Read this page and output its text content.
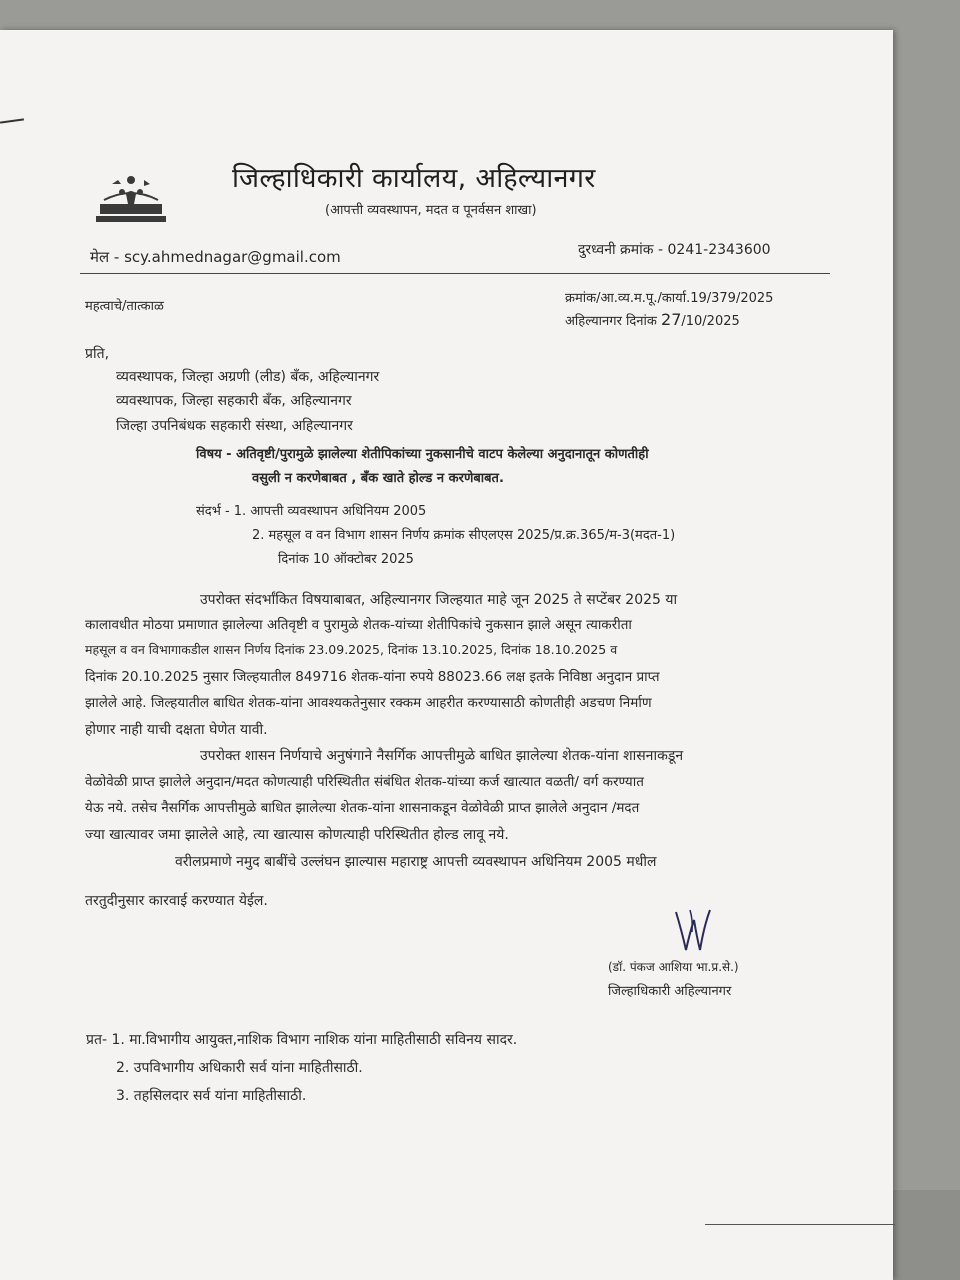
जिल्हाधिकारी कार्यालय, अहिल्यानगर
(आपत्ती व्यवस्थापन, मदत व पूनर्वसन शाखा)
मेल - scy.ahmednagar@gmail.com	दुरध्वनी क्रमांक - 0241-2343600
महत्वाचे/तात्काळ
क्रमांक/आ.व्य.म.पू./कार्या.19/379/2025
अहिल्यानगर दिनांक 27/10/2025
प्रति,
व्यवस्थापक, जिल्हा अग्रणी (लीड) बँक, अहिल्यानगर
व्यवस्थापक, जिल्हा सहकारी बँक, अहिल्यानगर
जिल्हा उपनिबंधक सहकारी संस्था, अहिल्यानगर
विषय - अतिवृष्टी/पुरामुळे झालेल्या शेतीपिकांच्या नुकसानीचे वाटप केलेल्या अनुदानातून कोणतीही
वसुली न करणेबाबत , बँक खाते होल्ड न करणेबाबत.
संदर्भ - 1. आपत्ती व्यवस्थापन अधिनियम 2005
2. महसूल व वन विभाग शासन निर्णय क्रमांक सीएलएस 2025/प्र.क्र.365/म-3(मदत-1)
दिनांक 10 ऑक्टोबर 2025
उपरोक्त संदर्भांकित विषयाबाबत, अहिल्यानगर जिल्हयात माहे जून 2025 ते सप्टेंबर 2025 या
कालावधीत मोठया प्रमाणात झालेल्या अतिवृष्टी व पुरामुळे शेतक-यांच्या शेतीपिकांचे नुकसान झाले असून त्याकरीता
महसूल व वन विभागाकडील शासन निर्णय दिनांक 23.09.2025, दिनांक 13.10.2025, दिनांक 18.10.2025 व
दिनांक 20.10.2025 नुसार जिल्हयातील 849716 शेतक-यांना रुपये 88023.66 लक्ष इतके निविष्ठा अनुदान प्राप्त
झालेले आहे. जिल्हयातील बाधित शेतक-यांना आवश्यकतेनुसार रक्कम आहरीत करण्यासाठी कोणतीही अडचण निर्माण
होणार नाही याची दक्षता घेणेत यावी.
उपरोक्त शासन निर्णयाचे अनुषंगाने नैसर्गिक आपत्तीमुळे बाधित झालेल्या शेतक-यांना शासनाकडून
वेळोवेळी प्राप्त झालेले अनुदान/मदत कोणत्याही परिस्थितीत संबंधित शेतक-यांच्या कर्ज खात्यात वळती/ वर्ग करण्यात
येऊ नये. तसेच नैसर्गिक आपत्तीमुळे बाधित झालेल्या शेतक-यांना शासनाकडून वेळोवेळी प्राप्त झालेले अनुदान /मदत
ज्या खात्यावर जमा झालेले आहे, त्या खात्यास कोणत्याही परिस्थितीत होल्ड लावू नये.
वरीलप्रमाणे नमुद बाबींचे उल्लंघन झाल्यास महाराष्ट्र आपत्ती व्यवस्थापन अधिनियम 2005 मधील
तरतुदीनुसार कारवाई करण्यात येईल.
(डॉ. पंकज आशिया भा.प्र.से.)
जिल्हाधिकारी अहिल्यानगर
प्रत- 1. मा.विभागीय आयुक्त,नाशिक विभाग नाशिक यांना माहितीसाठी सविनय सादर.
2. उपविभागीय अधिकारी सर्व यांना माहितीसाठी.
3. तहसिलदार सर्व यांना माहितीसाठी.
